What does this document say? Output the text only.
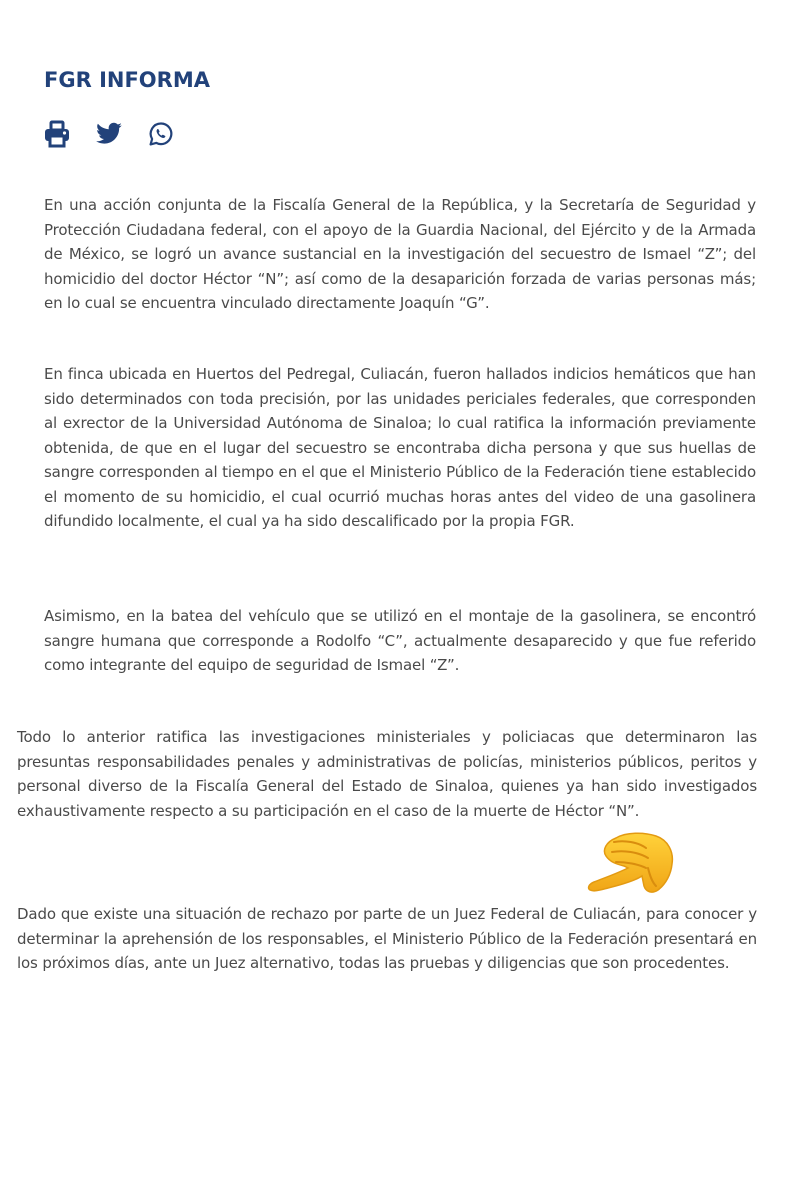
FGR INFORMA

En una acción conjunta de la Fiscalía General de la República, y la Secretaría de Seguridad y Protección Ciudadana federal, con el apoyo de la Guardia Nacional, del Ejército y de la Armada de México, se logró un avance sustancial en la investigación del secuestro de Ismael “Z”; del homicidio del doctor Héctor “N”; así como de la desaparición forzada de varias personas más; en lo cual se encuentra vinculado directamente Joaquín “G”.

En finca ubicada en Huertos del Pedregal, Culiacán, fueron hallados indicios hemáticos que han sido determinados con toda precisión, por las unidades periciales federales, que corresponden al exrector de la Universidad Autónoma de Sinaloa; lo cual ratifica la información previamente obtenida, de que en el lugar del secuestro se encontraba dicha persona y que sus huellas de sangre corresponden al tiempo en el que el Ministerio Público de la Federación tiene establecido el momento de su homicidio, el cual ocurrió muchas horas antes del video de una gasolinera difundido localmente, el cual ya ha sido descalificado por la propia FGR.

Asimismo, en la batea del vehículo que se utilizó en el montaje de la gasolinera, se encontró sangre humana que corresponde a Rodolfo “C”, actualmente desaparecido y que fue referido como integrante del equipo de seguridad de Ismael “Z”.

Todo lo anterior ratifica las investigaciones ministeriales y policiacas que determinaron las presuntas responsabilidades penales y administrativas de policías, ministerios públicos, peritos y personal diverso de la Fiscalía General del Estado de Sinaloa, quienes ya han sido investigados exhaustivamente respecto a su participación en el caso de la muerte de Héctor “N”.

Dado que existe una situación de rechazo por parte de un Juez Federal de Culiacán, para conocer y determinar la aprehensión de los responsables, el Ministerio Público de la Federación presentará en los próximos días, ante un Juez alternativo, todas las pruebas y diligencias que son procedentes.
